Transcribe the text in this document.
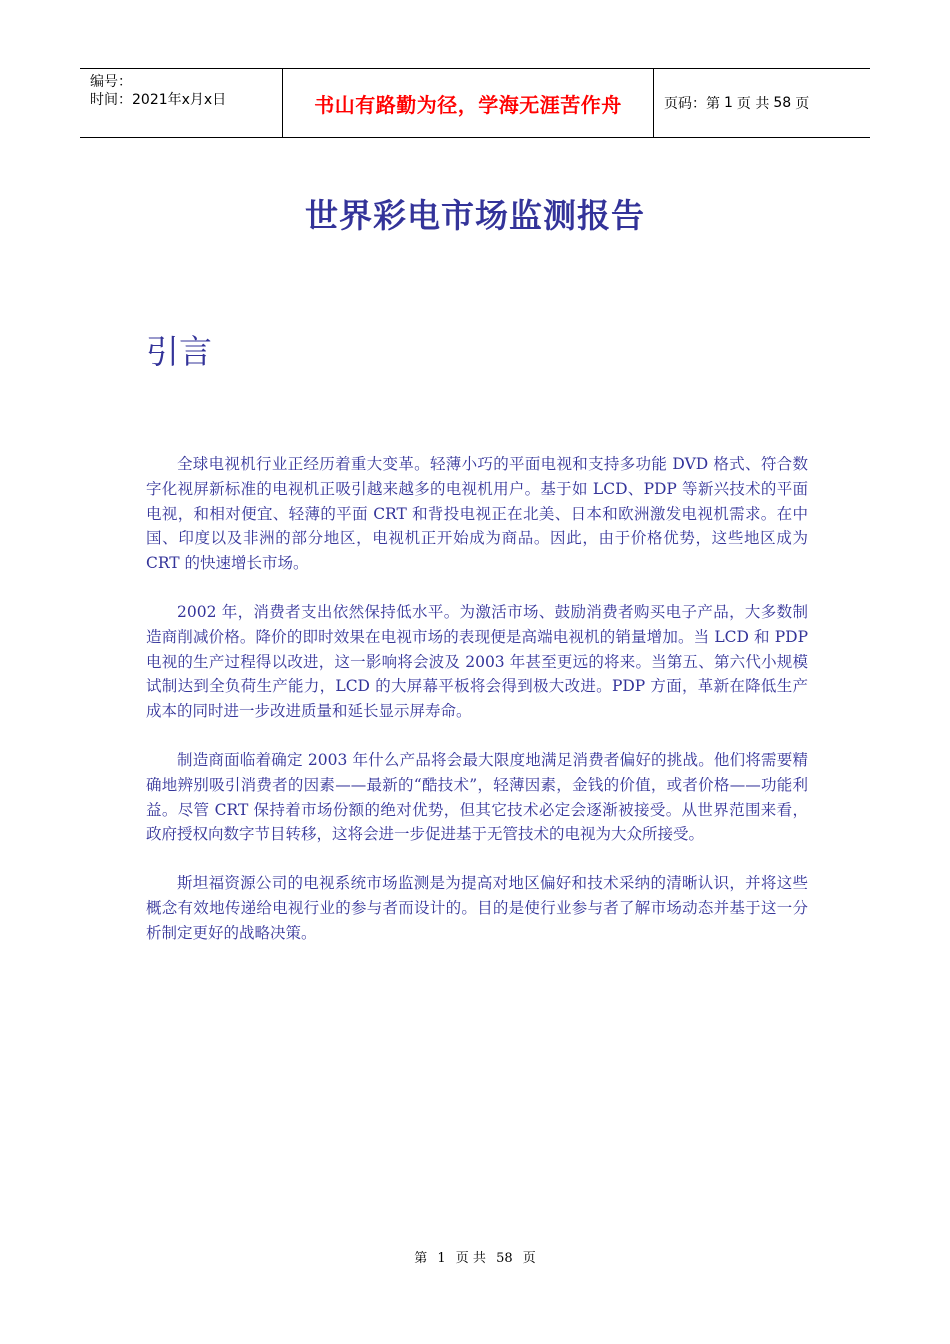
编号：
时间：2021年x月x日	书山有路勤为径，学海无涯苦作舟	页码：第 1 页 共 58 页
世界彩电市场监测报告
引言

全球电视机行业正经历着重大变革。轻薄小巧的平面电视和支持多功能 DVD 格式、符合数字化视屏新标准的电视机正吸引越来越多的电视机用户。基于如 LCD、PDP 等新兴技术的平面电视，和相对便宜、轻薄的平面 CRT 和背投电视正在北美、日本和欧洲激发电视机需求。在中国、印度以及非洲的部分地区，电视机正开始成为商品。因此，由于价格优势，这些地区成为 CRT 的快速增长市场。

2002 年，消费者支出依然保持低水平。为激活市场、鼓励消费者购买电子产品，大多数制造商削减价格。降价的即时效果在电视市场的表现便是高端电视机的销量增加。当 LCD 和 PDP 电视的生产过程得以改进，这一影响将会波及 2003 年甚至更远的将来。当第五、第六代小规模试制达到全负荷生产能力，LCD 的大屏幕平板将会得到极大改进。PDP 方面，革新在降低生产成本的同时进一步改进质量和延长显示屏寿命。

制造商面临着确定 2003 年什么产品将会最大限度地满足消费者偏好的挑战。他们将需要精确地辨别吸引消费者的因素——最新的“酷技术”，轻薄因素，金钱的价值，或者价格——功能利益。尽管 CRT 保持着市场份额的绝对优势，但其它技术必定会逐渐被接受。从世界范围来看，政府授权向数字节目转移，这将会进一步促进基于无管技术的电视为大众所接受。

斯坦福资源公司的电视系统市场监测是为提高对地区偏好和技术采纳的清晰认识，并将这些概念有效地传递给电视行业的参与者而设计的。目的是使行业参与者了解市场动态并基于这一分析制定更好的战略决策。

第 1 页 共 58 页
